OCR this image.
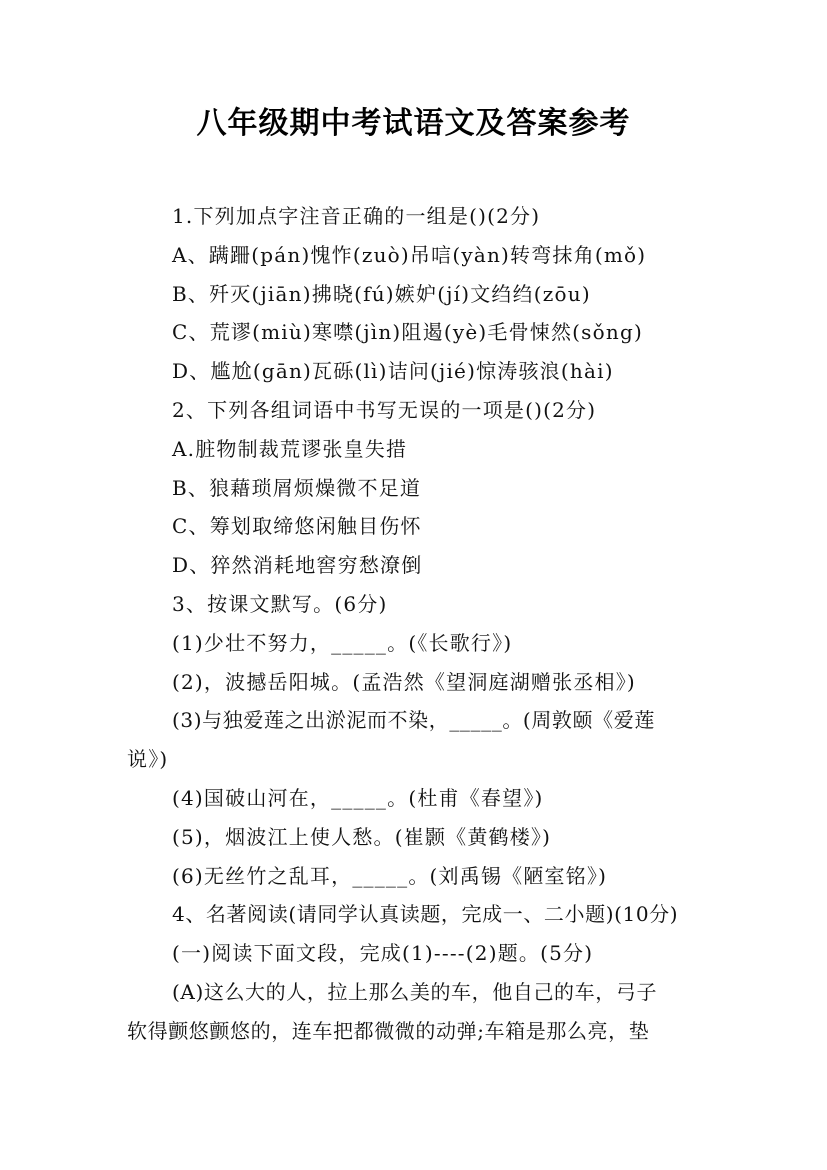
八年级期中考试语文及答案参考
1.下列加点字注音正确的一组是()(2分)
A、蹒跚(pán)愧怍(zuò)吊唁(yàn)转弯抹角(mǒ)
B、歼灭(jiān)拂晓(fú)嫉妒(jí)文绉绉(zōu)
C、荒谬(miù)寒噤(jìn)阻遏(yè)毛骨悚然(sǒng)
D、尴尬(gān)瓦砾(lì)诘问(jié)惊涛骇浪(hài)
2、下列各组词语中书写无误的一项是()(2分)
A.脏物制裁荒谬张皇失措
B、狼藉琐屑烦燥微不足道
C、筹划取缔悠闲触目伤怀
D、猝然消耗地窖穷愁潦倒
3、按课文默写。(6分)
(1)少壮不努力，_____。(《长歌行》)
(2)，波撼岳阳城。(孟浩然《望洞庭湖赠张丞相》)
(3)与独爱莲之出淤泥而不染，_____。(周敦颐《爱莲
说》)
(4)国破山河在，_____。(杜甫《春望》)
(5)，烟波江上使人愁。(崔颢《黄鹤楼》)
(6)无丝竹之乱耳，_____。(刘禹锡《陋室铭》)
4、名著阅读(请同学认真读题，完成一、二小题)(10分)
(一)阅读下面文段，完成(1)----(2)题。(5分)
(A)这么大的人，拉上那么美的车，他自己的车，弓子
软得颤悠颤悠的，连车把都微微的动弹;车箱是那么亮，垫
